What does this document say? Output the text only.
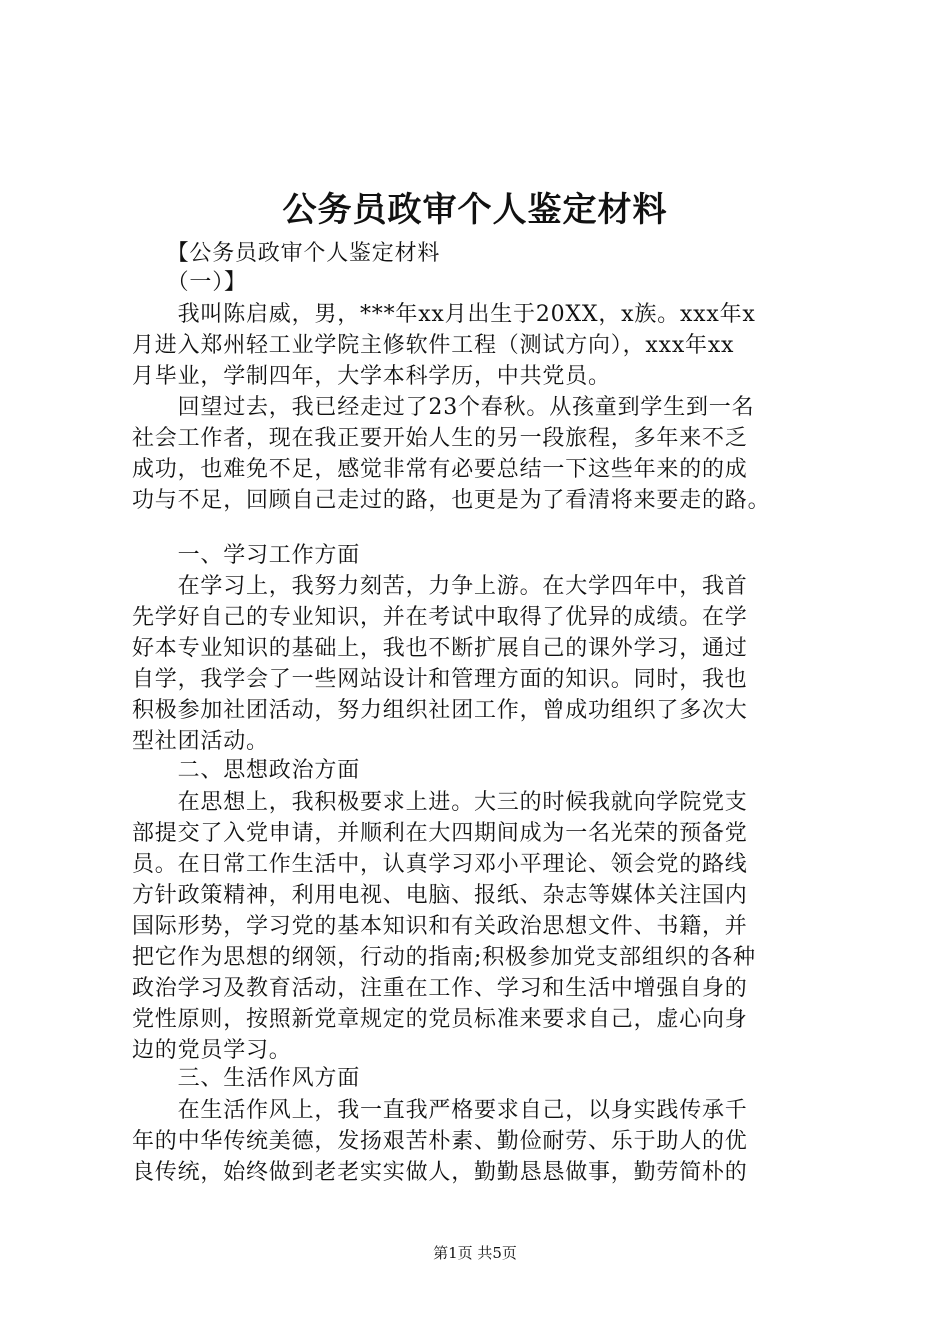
公务员政审个人鉴定材料
　　【公务员政审个人鉴定材料
　　（一）】
　　我叫陈启威，男，***年xx月出生于20XX，x族。xxx年x
月进入郑州轻工业学院主修软件工程（测试方向），xxx年xx
月毕业，学制四年，大学本科学历，中共党员。
　　回望过去，我已经走过了23个春秋。从孩童到学生到一名
社会工作者，现在我正要开始人生的另一段旅程，多年来不乏
成功，也难免不足，感觉非常有必要总结一下这些年来的的成
功与不足，回顾自己走过的路，也更是为了看清将来要走的路。
　　一、学习工作方面
　　在学习上，我努力刻苦，力争上游。在大学四年中，我首
先学好自己的专业知识，并在考试中取得了优异的成绩。在学
好本专业知识的基础上，我也不断扩展自己的课外学习，通过
自学，我学会了一些网站设计和管理方面的知识。同时，我也
积极参加社团活动，努力组织社团工作，曾成功组织了多次大
型社团活动。
　　二、思想政治方面
　　在思想上，我积极要求上进。大三的时候我就向学院党支
部提交了入党申请，并顺利在大四期间成为一名光荣的预备党
员。在日常工作生活中，认真学习邓小平理论、领会党的路线
方针政策精神，利用电视、电脑、报纸、杂志等媒体关注国内
国际形势，学习党的基本知识和有关政治思想文件、书籍，并
把它作为思想的纲领，行动的指南;积极参加党支部组织的各种
政治学习及教育活动，注重在工作、学习和生活中增强自身的
党性原则，按照新党章规定的党员标准来要求自己，虚心向身
边的党员学习。
　　三、生活作风方面
　　在生活作风上，我一直我严格要求自己，以身实践传承千
年的中华传统美德，发扬艰苦朴素、勤俭耐劳、乐于助人的优
良传统，始终做到老老实实做人，勤勤恳恳做事，勤劳简朴的
第1页 共5页
